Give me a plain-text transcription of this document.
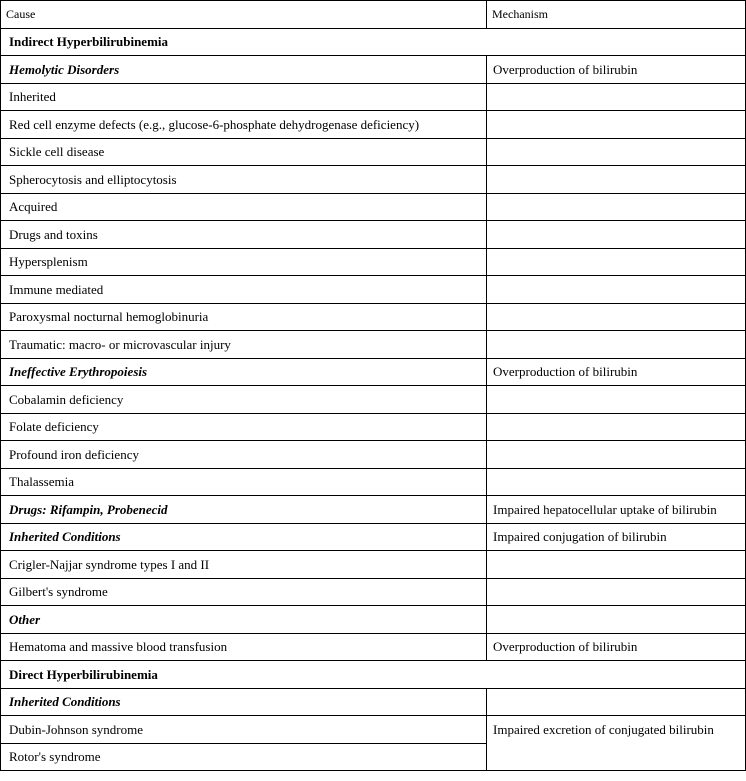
Cause	Mechanism
Indirect Hyperbilirubinemia	
Hemolytic Disorders	Overproduction of bilirubin
Inherited	
Red cell enzyme defects (e.g., glucose-6-phosphate dehydrogenase deficiency)	
Sickle cell disease	
Spherocytosis and elliptocytosis	
Acquired	
Drugs and toxins	
Hypersplenism	
Immune mediated	
Paroxysmal nocturnal hemoglobinuria	
Traumatic: macro- or microvascular injury	
Ineffective Erythropoiesis	Overproduction of bilirubin
Cobalamin deficiency	
Folate deficiency	
Profound iron deficiency	
Thalassemia	
Drugs: Rifampin, Probenecid	Impaired hepatocellular uptake of bilirubin
Inherited Conditions	Impaired conjugation of bilirubin
Crigler-Najjar syndrome types I and II	
Gilbert's syndrome	
Other	
Hematoma and massive blood transfusion	Overproduction of bilirubin
Direct Hyperbilirubinemia	
Inherited Conditions	
Dubin-Johnson syndrome	Impaired excretion of conjugated bilirubin
Rotor's syndrome	
